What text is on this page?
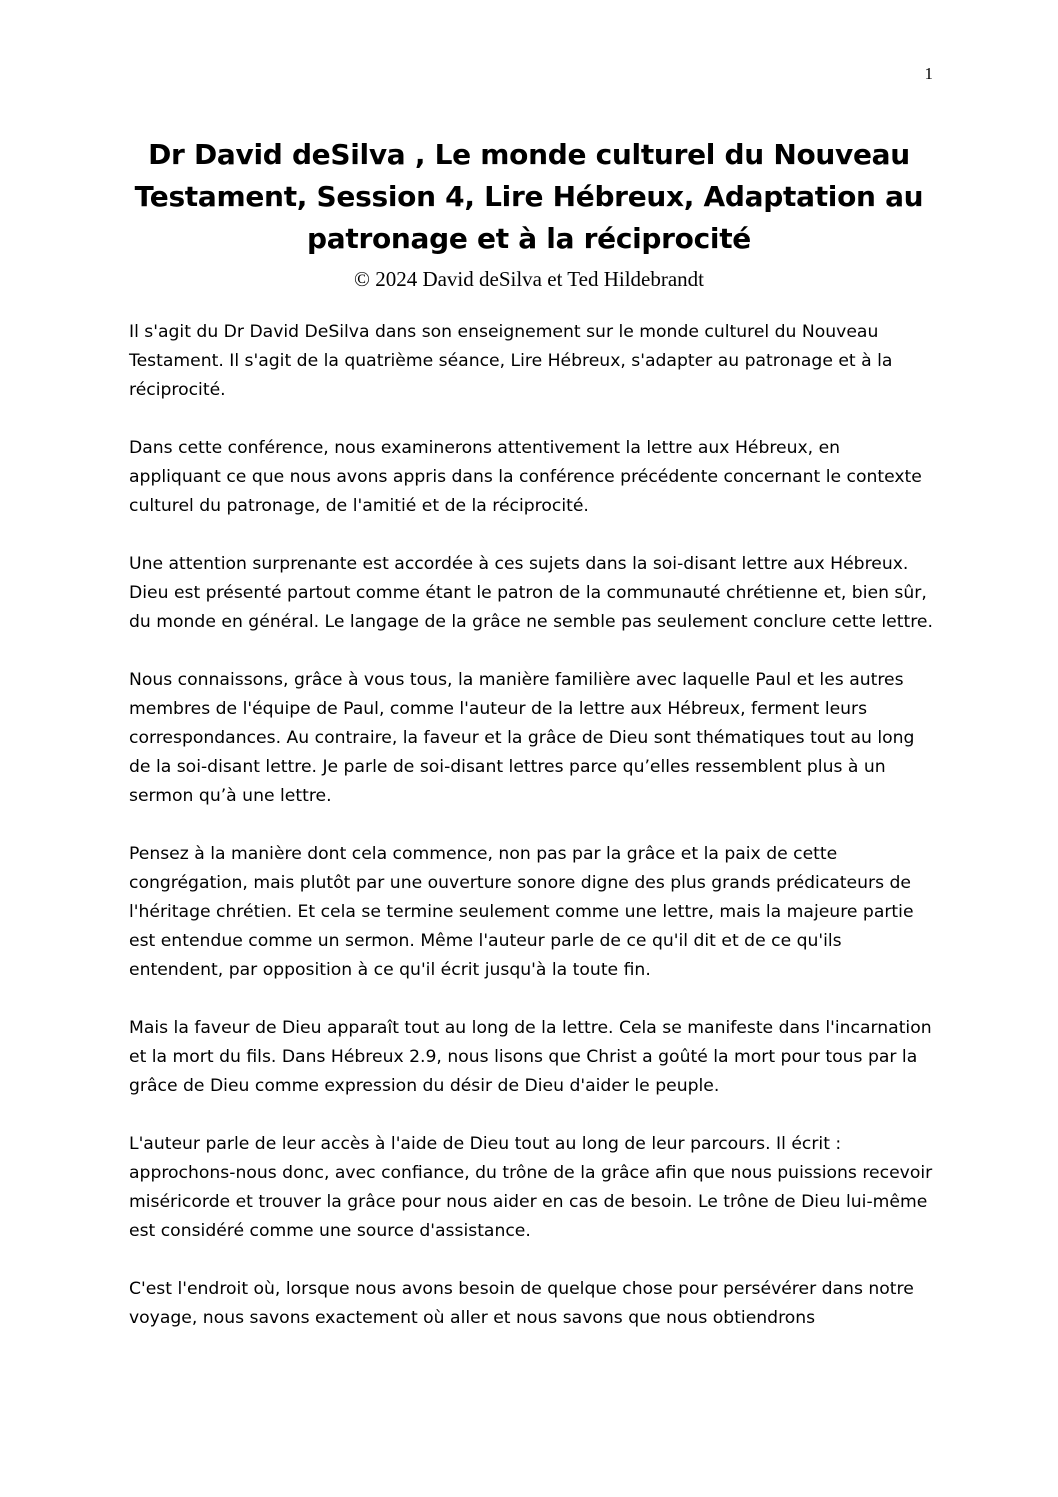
1
Dr David deSilva , Le monde culturel du Nouveau Testament, Session 4, Lire Hébreux, Adaptation au patronage et à la réciprocité
© 2024 David deSilva et Ted Hildebrandt

Il s'agit du Dr David DeSilva dans son enseignement sur le monde culturel du Nouveau Testament. Il s'agit de la quatrième séance, Lire Hébreux, s'adapter au patronage et à la réciprocité.

Dans cette conférence, nous examinerons attentivement la lettre aux Hébreux, en appliquant ce que nous avons appris dans la conférence précédente concernant le contexte culturel du patronage, de l'amitié et de la réciprocité.

Une attention surprenante est accordée à ces sujets dans la soi-disant lettre aux Hébreux. Dieu est présenté partout comme étant le patron de la communauté chrétienne et, bien sûr, du monde en général. Le langage de la grâce ne semble pas seulement conclure cette lettre.

Nous connaissons, grâce à vous tous, la manière familière avec laquelle Paul et les autres membres de l'équipe de Paul, comme l'auteur de la lettre aux Hébreux, ferment leurs correspondances. Au contraire, la faveur et la grâce de Dieu sont thématiques tout au long de la soi-disant lettre. Je parle de soi-disant lettres parce qu’elles ressemblent plus à un sermon qu’à une lettre.

Pensez à la manière dont cela commence, non pas par la grâce et la paix de cette congrégation, mais plutôt par une ouverture sonore digne des plus grands prédicateurs de l'héritage chrétien. Et cela se termine seulement comme une lettre, mais la majeure partie est entendue comme un sermon. Même l'auteur parle de ce qu'il dit et de ce qu'ils entendent, par opposition à ce qu'il écrit jusqu'à la toute fin.

Mais la faveur de Dieu apparaît tout au long de la lettre. Cela se manifeste dans l'incarnation et la mort du fils. Dans Hébreux 2.9, nous lisons que Christ a goûté la mort pour tous par la grâce de Dieu comme expression du désir de Dieu d'aider le peuple.

L'auteur parle de leur accès à l'aide de Dieu tout au long de leur parcours. Il écrit : approchons-nous donc, avec confiance, du trône de la grâce afin que nous puissions recevoir miséricorde et trouver la grâce pour nous aider en cas de besoin. Le trône de Dieu lui-même est considéré comme une source d'assistance.

C'est l'endroit où, lorsque nous avons besoin de quelque chose pour persévérer dans notre voyage, nous savons exactement où aller et nous savons que nous obtiendrons
